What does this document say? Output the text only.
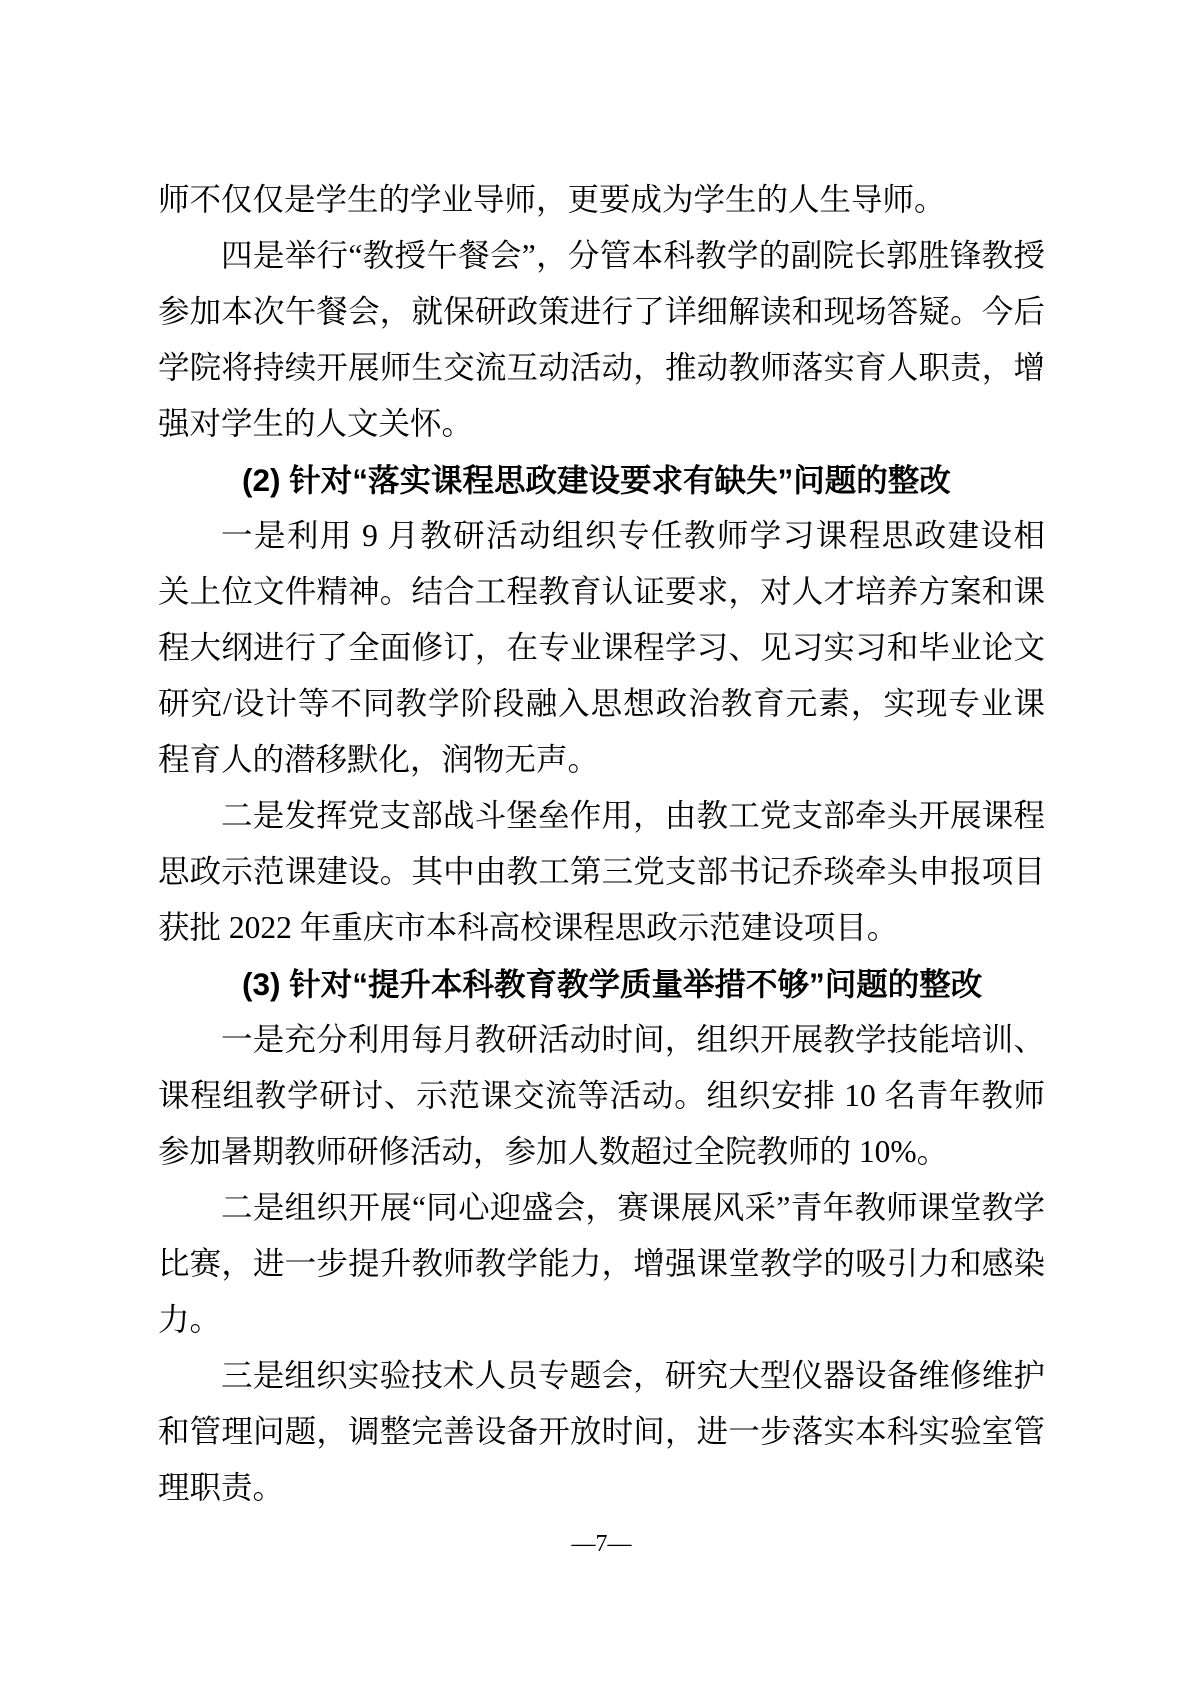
师不仅仅是学生的学业导师，更要成为学生的人生导师。
四是举行“教授午餐会”，分管本科教学的副院长郭胜锋教授
参加本次午餐会，就保研政策进行了详细解读和现场答疑。今后
学院将持续开展师生交流互动活动，推动教师落实育人职责，增
强对学生的人文关怀。
(2) 针对“落实课程思政建设要求有缺失”问题的整改
一是利用 9 月教研活动组织专任教师学习课程思政建设相
关上位文件精神。结合工程教育认证要求，对人才培养方案和课
程大纲进行了全面修订，在专业课程学习、见习实习和毕业论文
研究/设计等不同教学阶段融入思想政治教育元素，实现专业课
程育人的潜移默化，润物无声。
二是发挥党支部战斗堡垒作用，由教工党支部牵头开展课程
思政示范课建设。其中由教工第三党支部书记乔琰牵头申报项目
获批 2022 年重庆市本科高校课程思政示范建设项目。
(3) 针对“提升本科教育教学质量举措不够”问题的整改
一是充分利用每月教研活动时间，组织开展教学技能培训、
课程组教学研讨、示范课交流等活动。组织安排 10 名青年教师
参加暑期教师研修活动，参加人数超过全院教师的 10%。
二是组织开展“同心迎盛会，赛课展风采”青年教师课堂教学
比赛，进一步提升教师教学能力，增强课堂教学的吸引力和感染
力。
三是组织实验技术人员专题会，研究大型仪器设备维修维护
和管理问题，调整完善设备开放时间，进一步落实本科实验室管
理职责。
—7—
